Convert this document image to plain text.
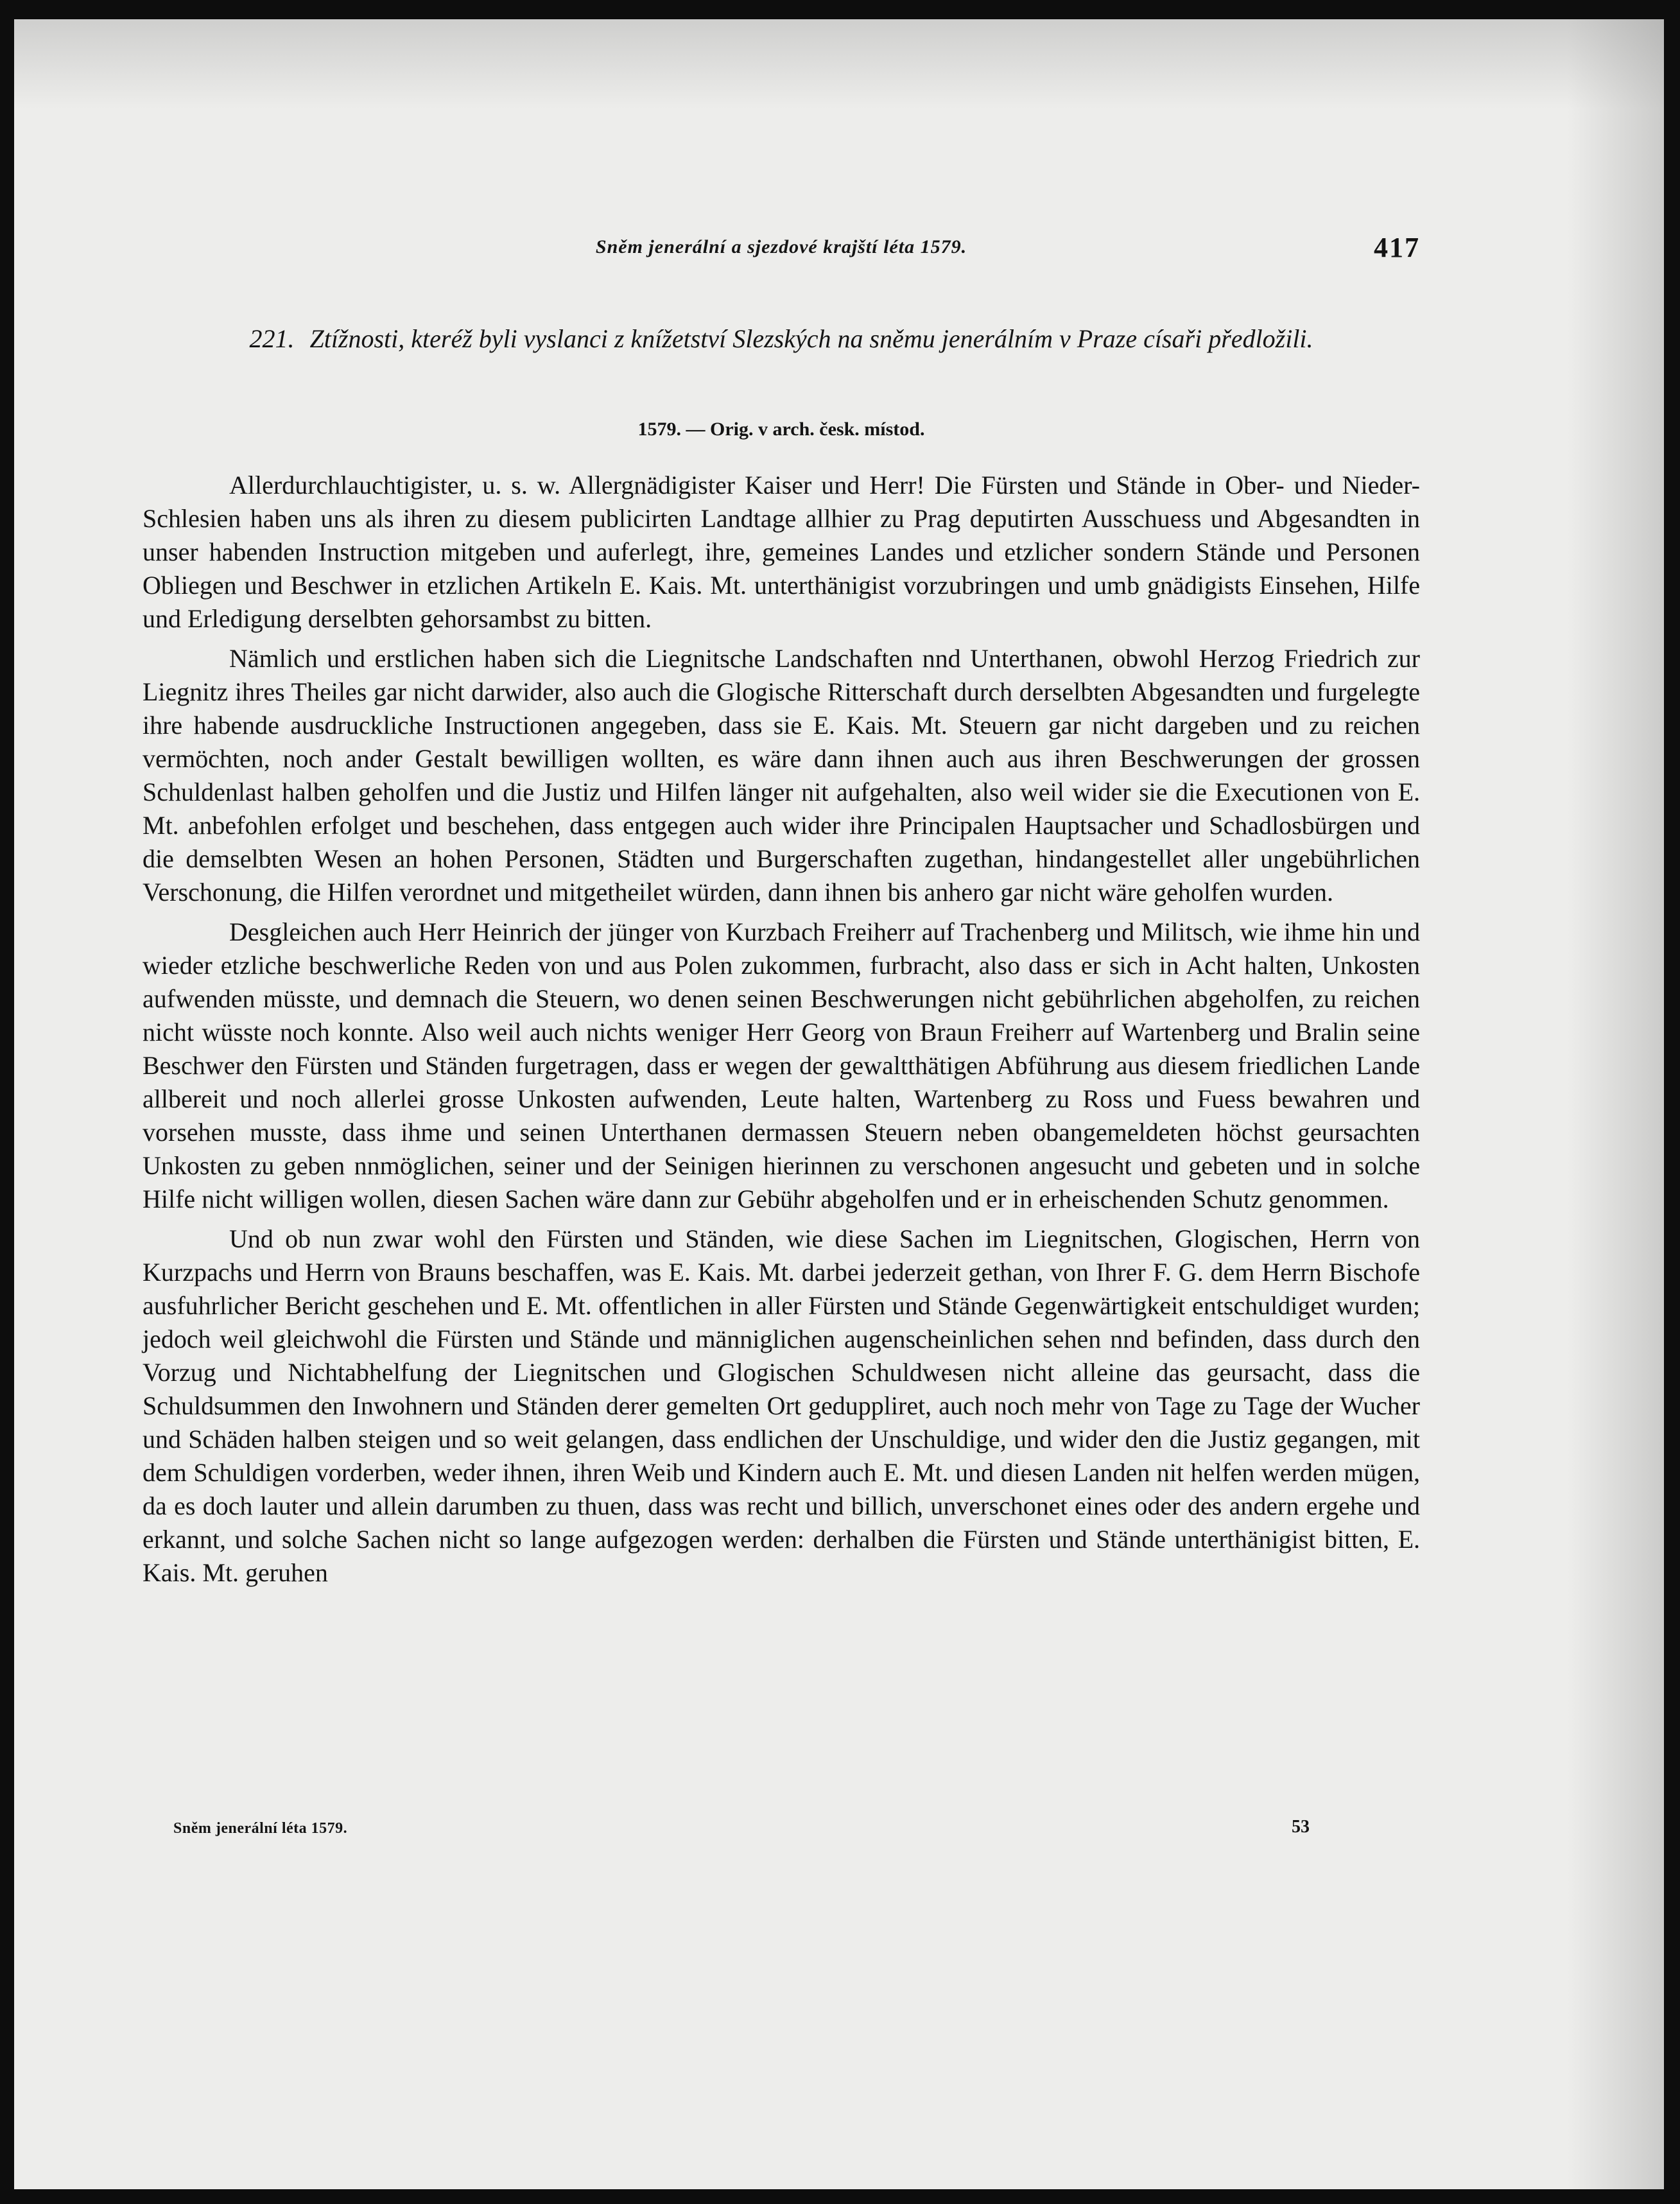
Sněm jenerální a sjezdové krajští léta 1579.	417
221. Ztížnosti, kteréž byli vyslanci z knížetství Slezských na sněmu jenerálním v Praze císaři předložili.
1579. — Orig. v arch. česk. místod.

Allerdurchlauchtigister, u. s. w. Allergnädigister Kaiser und Herr! Die Fürsten und Stände in Ober- und Nieder-Schlesien haben uns als ihren zu diesem publicirten Landtage allhier zu Prag deputirten Ausschuess und Abgesandten in unser habenden Instruction mitgeben und auferlegt, ihre, gemeines Landes und etzlicher sondern Stände und Personen Obliegen und Beschwer in etzlichen Artikeln E. Kais. Mt. unterthänigist vorzubringen und umb gnädigists Einsehen, Hilfe und Erledigung derselbten gehorsambst zu bitten.

Nämlich und erstlichen haben sich die Liegnitsche Landschaften nnd Unterthanen, obwohl Herzog Friedrich zur Liegnitz ihres Theiles gar nicht darwider, also auch die Glogische Ritterschaft durch derselbten Abgesandten und furgelegte ihre habende ausdruckliche Instructionen angegeben, dass sie E. Kais. Mt. Steuern gar nicht dargeben und zu reichen vermöchten, noch ander Gestalt bewilligen wollten, es wäre dann ihnen auch aus ihren Beschwerungen der grossen Schuldenlast halben geholfen und die Justiz und Hilfen länger nit aufgehalten, also weil wider sie die Executionen von E. Mt. anbefohlen erfolget und beschehen, dass entgegen auch wider ihre Principalen Hauptsacher und Schadlosbürgen und die demselbten Wesen an hohen Personen, Städten und Burgerschaften zugethan, hindangestellet aller ungebührlichen Verschonung, die Hilfen verordnet und mitgetheilet würden, dann ihnen bis anhero gar nicht wäre geholfen wurden.

Desgleichen auch Herr Heinrich der jünger von Kurzbach Freiherr auf Trachenberg und Militsch, wie ihme hin und wieder etzliche beschwerliche Reden von und aus Polen zukommen, furbracht, also dass er sich in Acht halten, Unkosten aufwenden müsste, und demnach die Steuern, wo denen seinen Beschwerungen nicht gebührlichen abgeholfen, zu reichen nicht wüsste noch konnte. Also weil auch nichts weniger Herr Georg von Braun Freiherr auf Wartenberg und Bralin seine Beschwer den Fürsten und Ständen furgetragen, dass er wegen der gewaltthätigen Abführung aus diesem friedlichen Lande allbereit und noch allerlei grosse Unkosten aufwenden, Leute halten, Wartenberg zu Ross und Fuess bewahren und vorsehen musste, dass ihme und seinen Unterthanen dermassen Steuern neben obangemeldeten höchst geursachten Unkosten zu geben nnmöglichen, seiner und der Seinigen hierinnen zu verschonen angesucht und gebeten und in solche Hilfe nicht willigen wollen, diesen Sachen wäre dann zur Gebühr abgeholfen und er in erheischenden Schutz genommen.

Und ob nun zwar wohl den Fürsten und Ständen, wie diese Sachen im Liegnitschen, Glogischen, Herrn von Kurzpachs und Herrn von Brauns beschaffen, was E. Kais. Mt. darbei jederzeit gethan, von Ihrer F. G. dem Herrn Bischofe ausfuhrlicher Bericht geschehen und E. Mt. offentlichen in aller Fürsten und Stände Gegenwärtigkeit entschuldiget wurden; jedoch weil gleichwohl die Fürsten und Stände und männiglichen augenscheinlichen sehen nnd befinden, dass durch den Vorzug und Nichtabhelfung der Liegnitschen und Glogischen Schuldwesen nicht alleine das geursacht, dass die Schuldsummen den Inwohnern und Ständen derer gemelten Ort geduppliret, auch noch mehr von Tage zu Tage der Wucher und Schäden halben steigen und so weit gelangen, dass endlichen der Unschuldige, und wider den die Justiz gegangen, mit dem Schuldigen vorderben, weder ihnen, ihren Weib und Kindern auch E. Mt. und diesen Landen nit helfen werden mügen, da es doch lauter und allein darumben zu thuen, dass was recht und billich, unverschonet eines oder des andern ergehe und erkannt, und solche Sachen nicht so lange aufgezogen werden: derhalben die Fürsten und Stände unterthänigist bitten, E. Kais. Mt. geruhen

Sněm jenerální léta 1579.	53
